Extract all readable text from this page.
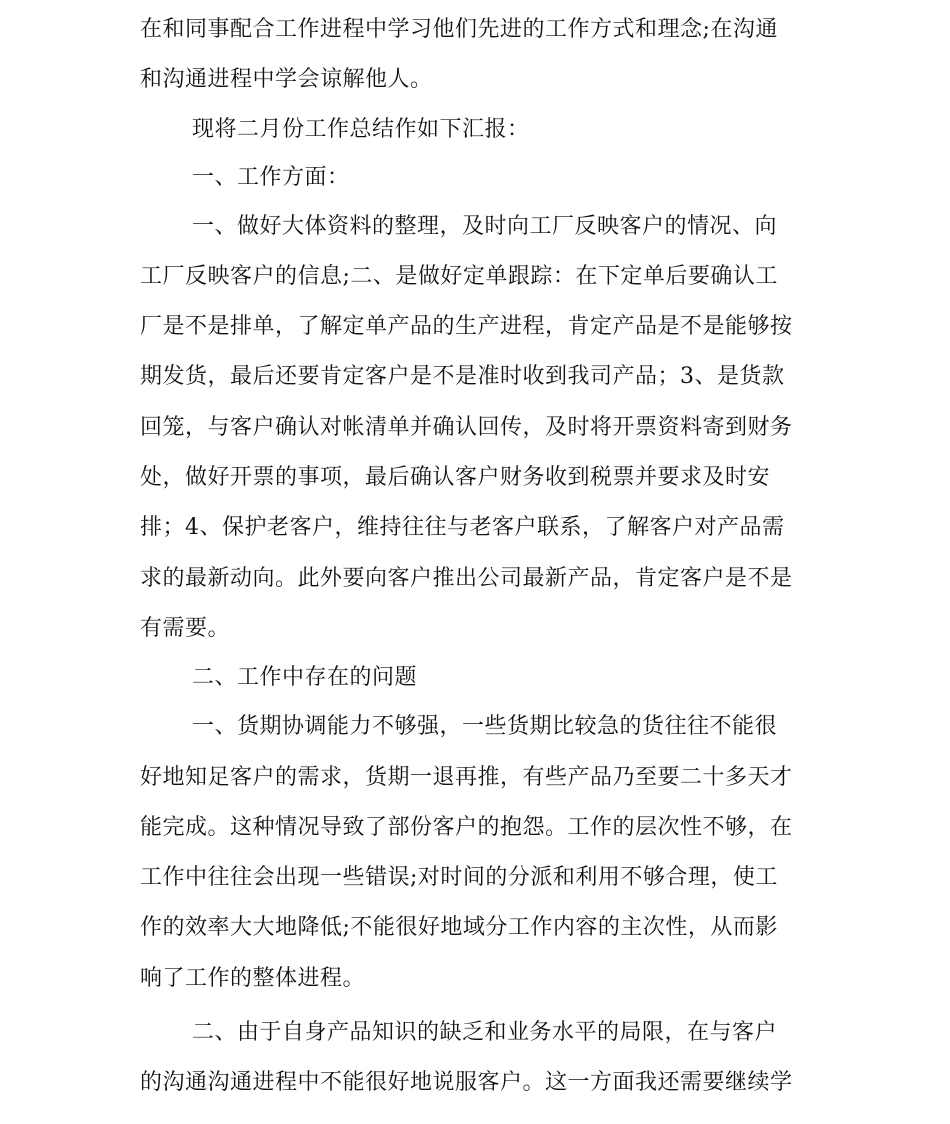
在和同事配合工作进程中学习他们先进的工作方式和理念;在沟通
和沟通进程中学会谅解他人。
现将二月份工作总结作如下汇报：
一、工作方面：
一、做好大体资料的整理，及时向工厂反映客户的情况、向
工厂反映客户的信息;二、是做好定单跟踪：在下定单后要确认工
厂是不是排单，了解定单产品的生产进程，肯定产品是不是能够按
期发货，最后还要肯定客户是不是准时收到我司产品；3、是货款
回笼，与客户确认对帐清单并确认回传，及时将开票资料寄到财务
处，做好开票的事项，最后确认客户财务收到税票并要求及时安
排；4、保护老客户，维持往往与老客户联系，了解客户对产品需
求的最新动向。此外要向客户推出公司最新产品，肯定客户是不是
有需要。
二、工作中存在的问题
一、货期协调能力不够强，一些货期比较急的货往往不能很
好地知足客户的需求，货期一退再推，有些产品乃至要二十多天才
能完成。这种情况导致了部份客户的抱怨。工作的层次性不够，在
工作中往往会出现一些错误;对时间的分派和利用不够合理，使工
作的效率大大地降低;不能很好地域分工作内容的主次性，从而影
响了工作的整体进程。
二、由于自身产品知识的缺乏和业务水平的局限，在与客户
的沟通沟通进程中不能很好地说服客户。这一方面我还需要继续学
